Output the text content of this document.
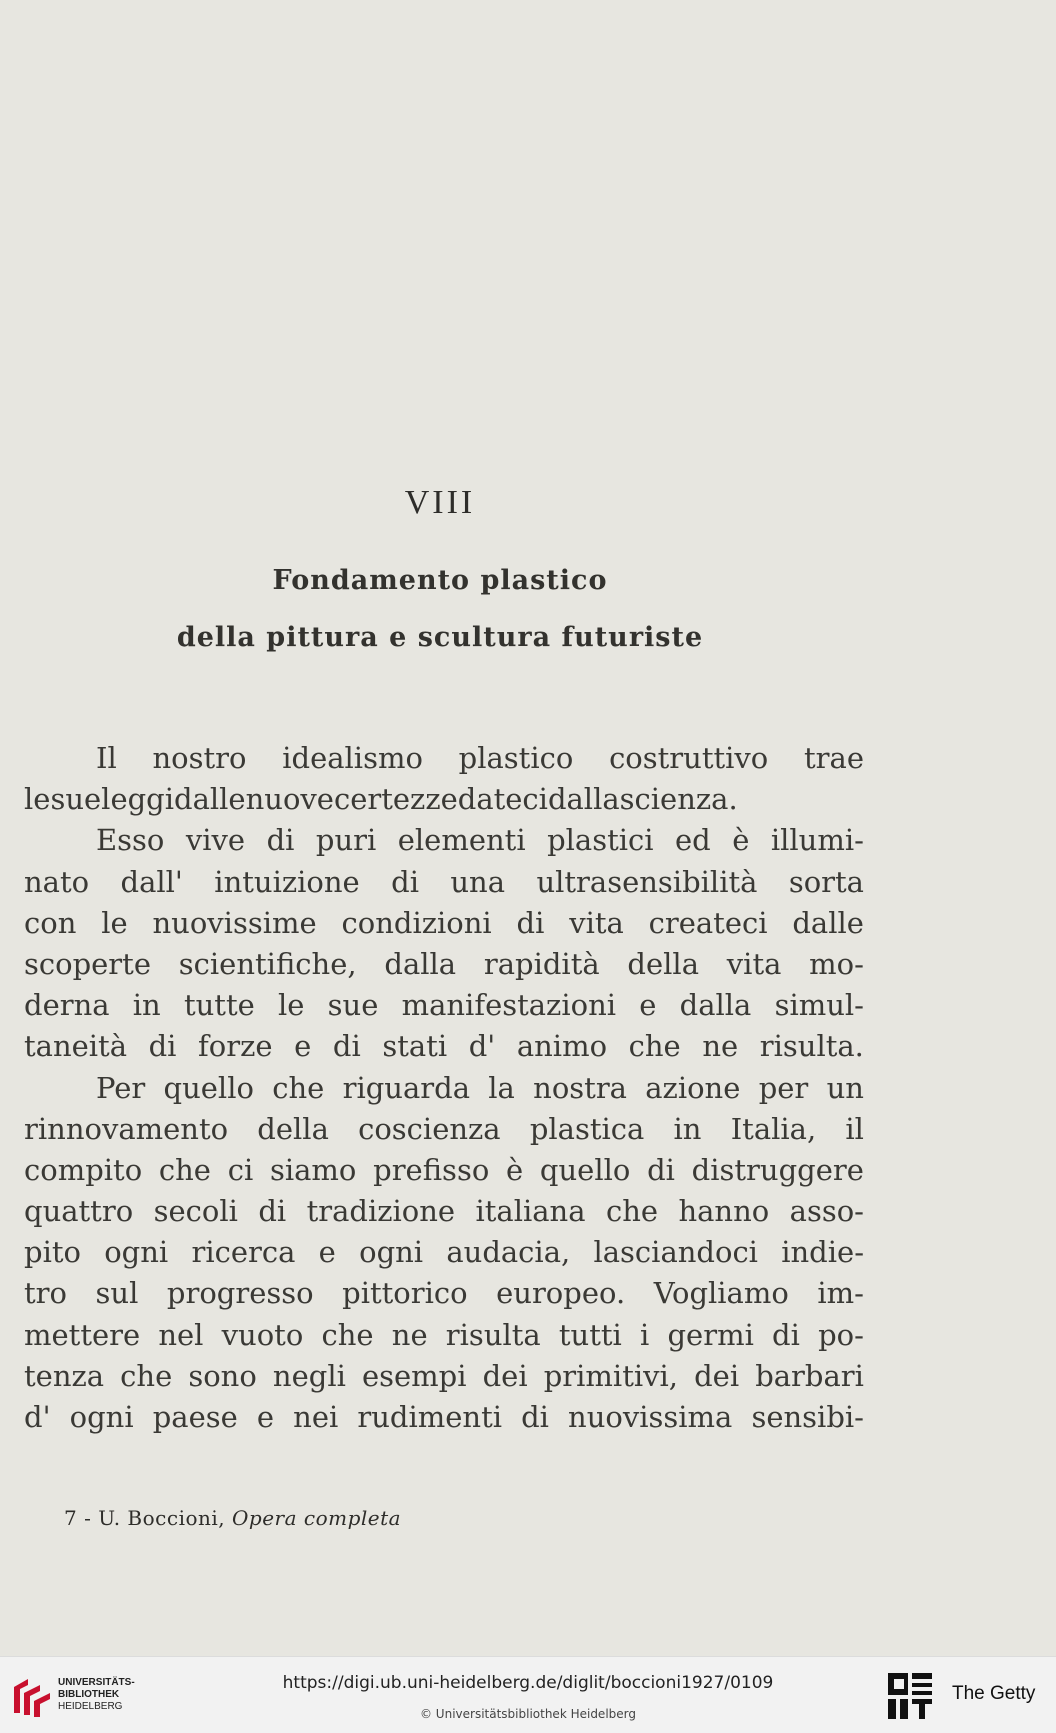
VIII
Fondamento plastico
della pittura e scultura futuriste
Il nostro idealismo plastico costruttivo trae
le sue leggi dalle nuove certezze dateci dalla scienza.
Esso vive di puri elementi plastici ed è illumi-
nato dall' intuizione di una ultrasensibilità sorta
con le nuovissime condizioni di vita createci dalle
scoperte scientifiche, dalla rapidità della vita mo-
derna in tutte le sue manifestazioni e dalla simul-
taneità di forze e di stati d' animo che ne risulta.
Per quello che riguarda la nostra azione per un
rinnovamento della coscienza plastica in Italia, il
compito che ci siamo prefisso è quello di distruggere
quattro secoli di tradizione italiana che hanno asso-
pito ogni ricerca e ogni audacia, lasciandoci indie-
tro sul progresso pittorico europeo. Vogliamo im-
mettere nel vuoto che ne risulta tutti i germi di po-
tenza che sono negli esempi dei primitivi, dei barbari
d' ogni paese e nei rudimenti di nuovissima sensibi-
7 - U. Boccioni, Opera completa
UNIVERSITÄTS-
BIBLIOTHEK
HEIDELBERG
https://digi.ub.uni-heidelberg.de/diglit/boccioni1927/0109
© Universitätsbibliothek Heidelberg
The Getty
